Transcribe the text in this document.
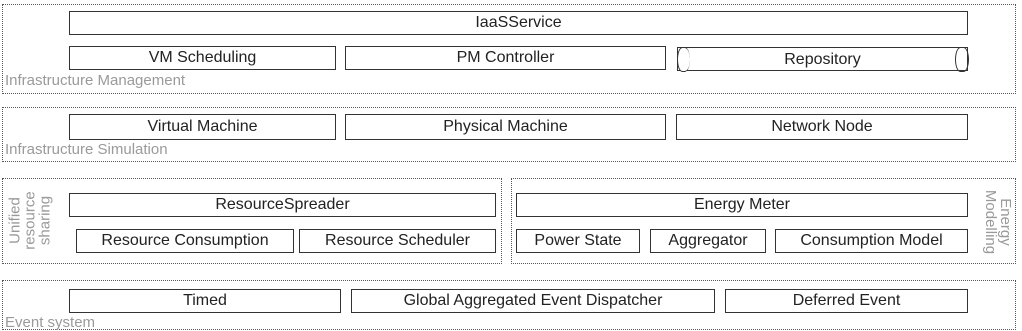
IaaSService
VM Scheduling	PM Controller	Repository
Infrastructure Management
Virtual Machine	Physical Machine	Network Node
Infrastructure Simulation
Unified
resource
sharing	ResourceSpreader
Resource Consumption	Resource Scheduler
Energy Meter
Power State	Aggregator	Consumption Model	Energy
Modelling
Timed	Global Aggregated Event Dispatcher	Deferred Event
Event system
